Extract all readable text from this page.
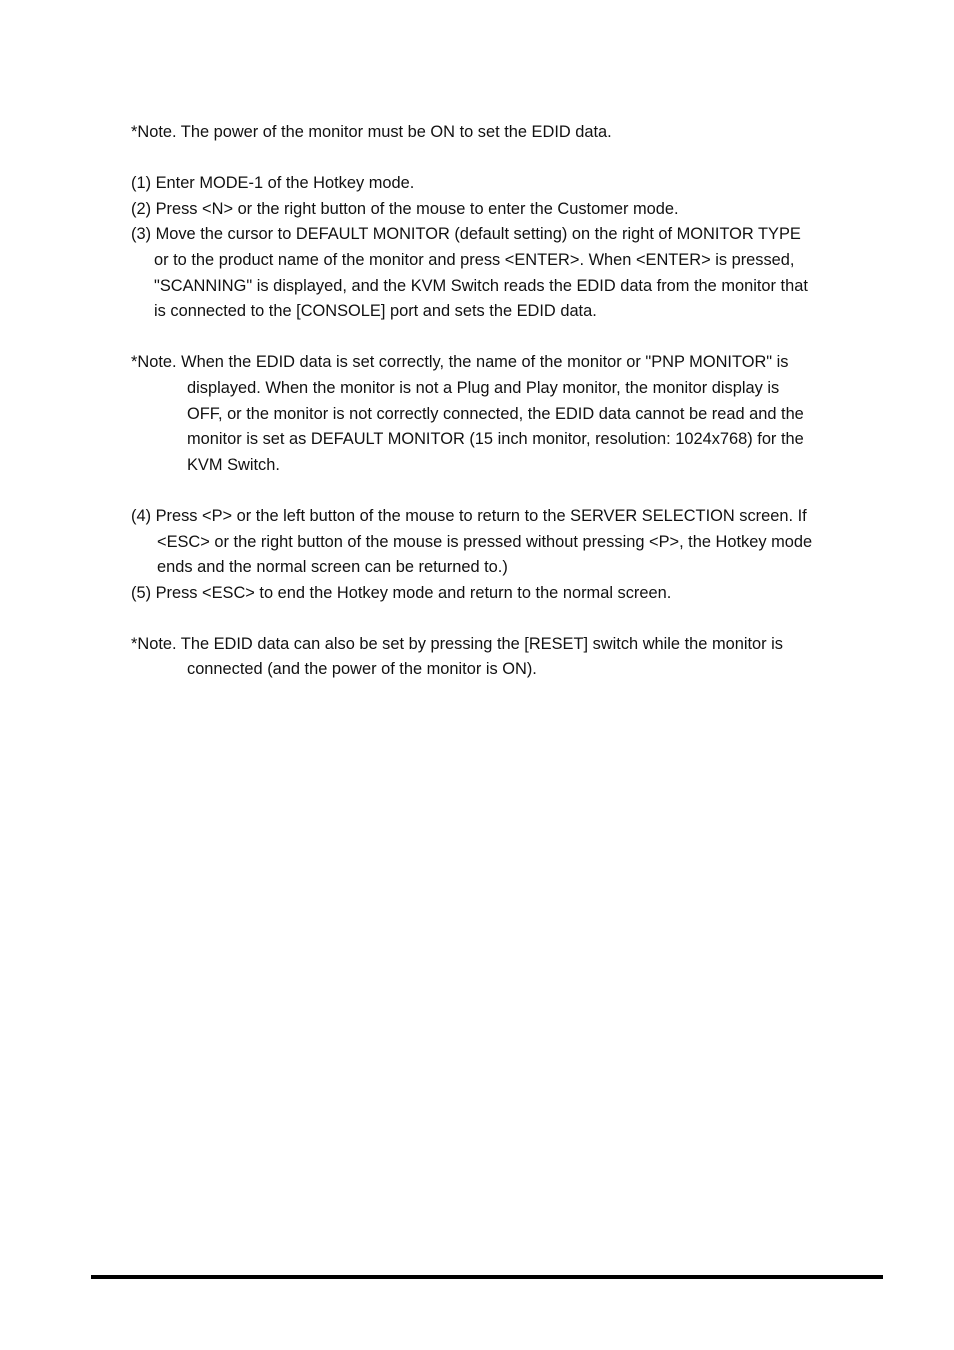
*Note. The power of the monitor must be ON to set the EDID data.

(1) Enter MODE-1 of the Hotkey mode.

(2) Press <N> or the right button of the mouse to enter the Customer mode.

(3) Move the cursor to DEFAULT MONITOR (default setting) on the right of MONITOR TYPE

or to the product name of the monitor and press <ENTER>. When <ENTER> is pressed,

"SCANNING" is displayed, and the KVM Switch reads the EDID data from the monitor that

is connected to the [CONSOLE] port and sets the EDID data.

*Note. When the EDID data is set correctly, the name of the monitor or "PNP MONITOR" is

displayed. When the monitor is not a Plug and Play monitor, the monitor display is

OFF, or the monitor is not correctly connected, the EDID data cannot be read and the

monitor is set as DEFAULT MONITOR (15 inch monitor, resolution: 1024x768) for the

KVM Switch.

(4) Press <P> or the left button of the mouse to return to the SERVER SELECTION screen. If

<ESC> or the right button of the mouse is pressed without pressing <P>, the Hotkey mode

ends and the normal screen can be returned to.)

(5) Press <ESC> to end the Hotkey mode and return to the normal screen.

*Note. The EDID data can also be set by pressing the [RESET] switch while the monitor is

connected (and the power of the monitor is ON).
